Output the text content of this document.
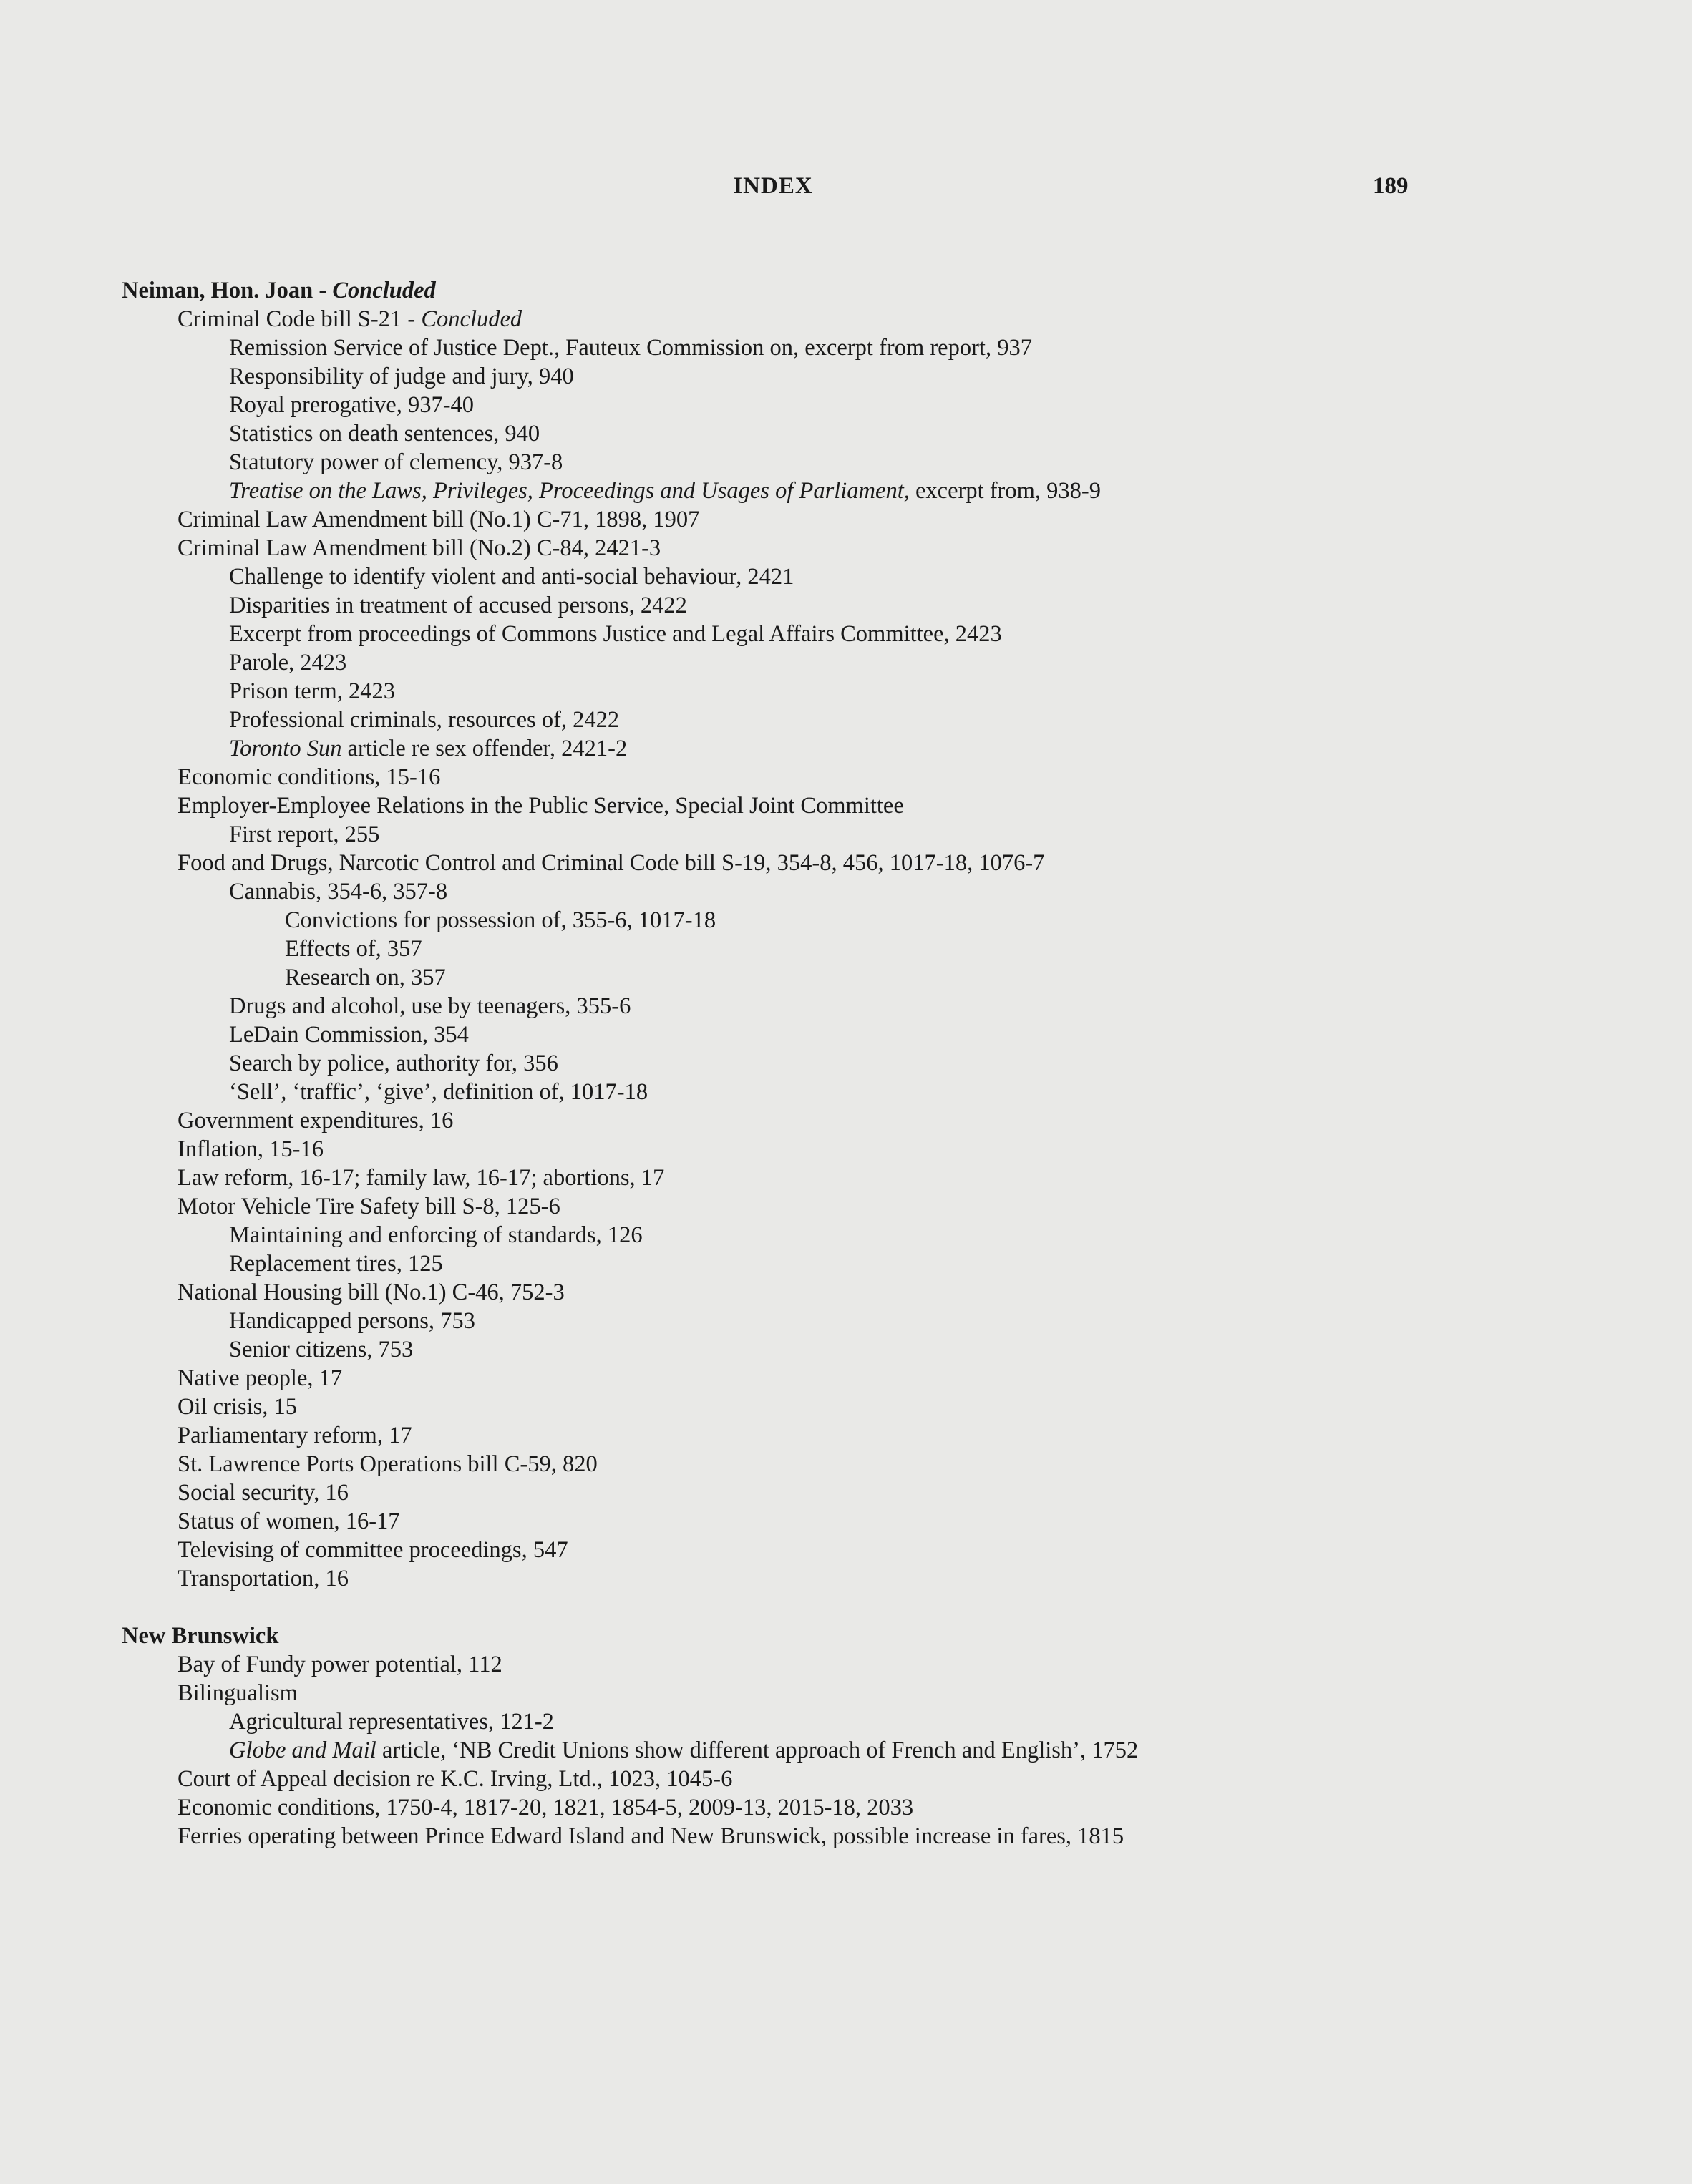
INDEX	189
Neiman, Hon. Joan - Concluded
Criminal Code bill S-21 - Concluded
Remission Service of Justice Dept., Fauteux Commission on, excerpt from report, 937
Responsibility of judge and jury, 940
Royal prerogative, 937-40
Statistics on death sentences, 940
Statutory power of clemency, 937-8
Treatise on the Laws, Privileges, Proceedings and Usages of Parliament, excerpt from, 938-9
Criminal Law Amendment bill (No.1) C-71, 1898, 1907
Criminal Law Amendment bill (No.2) C-84, 2421-3
Challenge to identify violent and anti-social behaviour, 2421
Disparities in treatment of accused persons, 2422
Excerpt from proceedings of Commons Justice and Legal Affairs Committee, 2423
Parole, 2423
Prison term, 2423
Professional criminals, resources of, 2422
Toronto Sun article re sex offender, 2421-2
Economic conditions, 15-16
Employer-Employee Relations in the Public Service, Special Joint Committee
First report, 255
Food and Drugs, Narcotic Control and Criminal Code bill S-19, 354-8, 456, 1017-18, 1076-7
Cannabis, 354-6, 357-8
Convictions for possession of, 355-6, 1017-18
Effects of, 357
Research on, 357
Drugs and alcohol, use by teenagers, 355-6
LeDain Commission, 354
Search by police, authority for, 356
‘Sell’, ‘traffic’, ‘give’, definition of, 1017-18
Government expenditures, 16
Inflation, 15-16
Law reform, 16-17; family law, 16-17; abortions, 17
Motor Vehicle Tire Safety bill S-8, 125-6
Maintaining and enforcing of standards, 126
Replacement tires, 125
National Housing bill (No.1) C-46, 752-3
Handicapped persons, 753
Senior citizens, 753
Native people, 17
Oil crisis, 15
Parliamentary reform, 17
St. Lawrence Ports Operations bill C-59, 820
Social security, 16
Status of women, 16-17
Televising of committee proceedings, 547
Transportation, 16
New Brunswick
Bay of Fundy power potential, 112
Bilingualism
Agricultural representatives, 121-2
Globe and Mail article, ‘NB Credit Unions show different approach of French and English’, 1752
Court of Appeal decision re K.C. Irving, Ltd., 1023, 1045-6
Economic conditions, 1750-4, 1817-20, 1821, 1854-5, 2009-13, 2015-18, 2033
Ferries operating between Prince Edward Island and New Brunswick, possible increase in fares, 1815
